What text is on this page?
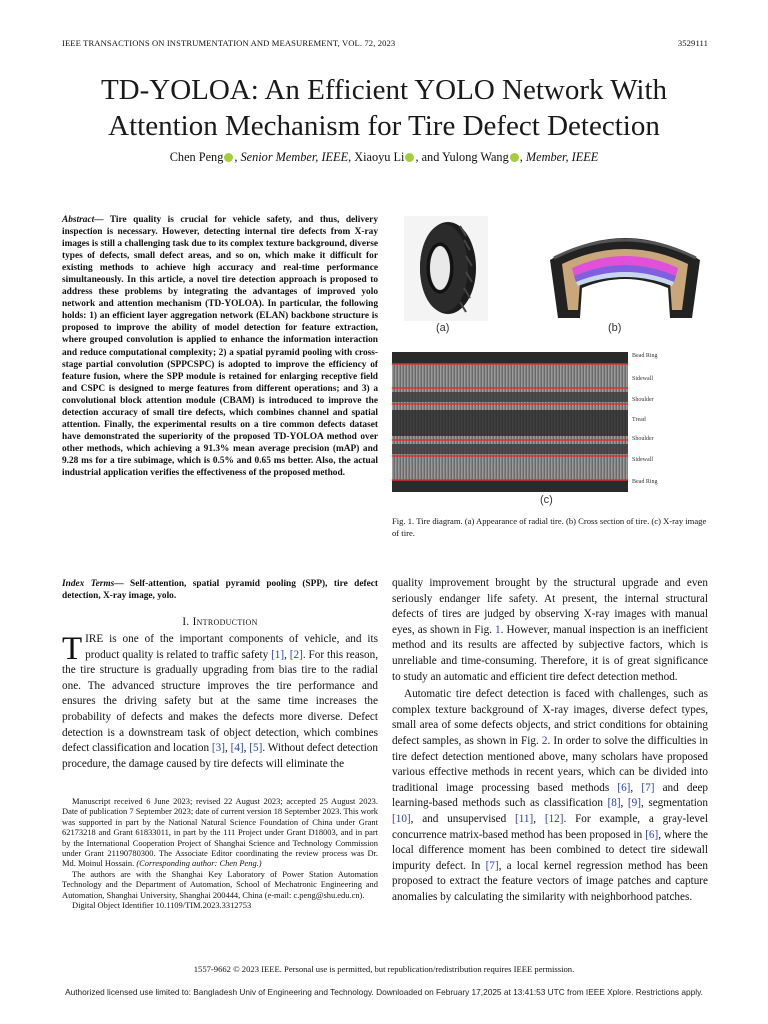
IEEE TRANSACTIONS ON INSTRUMENTATION AND MEASUREMENT, VOL. 72, 2023	3529111
TD-YOLOA: An Efficient YOLO Network With
Attention Mechanism for Tire Defect Detection
Chen Peng , Senior Member, IEEE, Xiaoyu Li , and Yulong Wang , Member, IEEE
Abstract— Tire quality is crucial for vehicle safety, and thus, delivery inspection is necessary. However, detecting internal tire defects from X-ray images is still a challenging task due to its complex texture background, diverse types of defects, small defect areas, and so on, which make it difficult for existing methods to achieve high accuracy and real-time performance simultaneously. In this article, a novel tire detection approach is proposed to address these problems by integrating the advantages of improved yolo network and attention mechanism (TD-YOLOA). In particular, the following holds: 1) an efficient layer aggregation network (ELAN) backbone structure is proposed to improve the ability of model detection for feature extraction, where grouped convolution is applied to enhance the information interaction and reduce computational complexity; 2) a spatial pyramid pooling with cross-stage partial convolution (SPPCSPC) is adopted to improve the efficiency of feature fusion, where the SPP module is retained for enlarging receptive field and CSPC is designed to merge features from different operations; and 3) a convolutional block attention module (CBAM) is introduced to improve the detection accuracy of small tire defects, which combines channel and spatial attention. Finally, the experimental results on a tire common defects dataset have demonstrated the superiority of the proposed TD-YOLOA method over other methods, which achieving a 91.3% mean average precision (mAP) and 9.28 ms for a tire subimage, which is 0.5% and 0.65 ms better. Also, the actual industrial application verifies the effectiveness of the proposed method.
Index Terms— Self-attention, spatial pyramid pooling (SPP), tire defect detection, X-ray image, yolo.
I. Introduction
TIRE is one of the important components of vehicle, and its product quality is related to traffic safety [1], [2]. For this reason, the tire structure is gradually upgrading from bias tire to the radial one. The advanced structure improves the tire performance and ensures the driving safety but at the same time increases the probability of defects and makes the defects more diverse. Defect detection is a downstream task of object detection, which combines defect classification and location [3], [4], [5]. Without defect detection procedure, the damage caused by tire defects will eliminate the

Manuscript received 6 June 2023; revised 22 August 2023; accepted 25 August 2023. Date of publication 7 September 2023; date of current version 18 September 2023. This work was supported in part by the National Natural Science Foundation of China under Grant 62173218 and Grant 61833011, in part by the 111 Project under Grant D18003, and in part by the International Cooperation Project of Shanghai Science and Technology Commission under Grant 21190780300. The Associate Editor coordinating the review process was Dr. Md. Moinul Hossain. (Corresponding author: Chen Peng.)

The authors are with the Shanghai Key Laboratory of Power Station Automation Technology and the Department of Automation, School of Mechatronic Engineering and Automation, Shanghai University, Shanghai 200444, China (e-mail: c.peng@shu.edu.cn).

Digital Object Identifier 10.1109/TIM.2023.3312753

(a)	(b)
Bead Ring
Sidewall
Shoulder
Tread
Shoulder
Sidewall
Bead Ring
(c)
Fig. 1. Tire diagram. (a) Appearance of radial tire. (b) Cross section of tire. (c) X-ray image of tire.

quality improvement brought by the structural upgrade and even seriously endanger life safety. At present, the internal structural defects of tires are judged by observing X-ray images with manual eyes, as shown in Fig. 1. However, manual inspection is an inefficient method and its results are affected by subjective factors, which is unreliable and time-consuming. Therefore, it is of great significance to study an automatic and efficient tire defect detection method.

Automatic tire defect detection is faced with challenges, such as complex texture background of X-ray images, diverse defect types, small area of some defects objects, and strict conditions for obtaining defect samples, as shown in Fig. 2. In order to solve the difficulties in tire defect detection mentioned above, many scholars have proposed various effective methods in recent years, which can be divided into traditional image processing based methods [6], [7] and deep learning-based methods such as classification [8], [9], segmentation [10], and unsupervised [11], [12]. For example, a gray-level concurrence matrix-based method has been proposed in [6], where the local difference moment has been combined to detect tire sidewall impurity defect. In [7], a local kernel regression method has been proposed to extract the feature vectors of image patches and capture anomalies by calculating the similarity with neighborhood patches.

1557-9662 © 2023 IEEE. Personal use is permitted, but republication/redistribution requires IEEE permission.
Authorized licensed use limited to: Bangladesh Univ of Engineering and Technology. Downloaded on February 17,2025 at 13:41:53 UTC from IEEE Xplore. Restrictions apply.
